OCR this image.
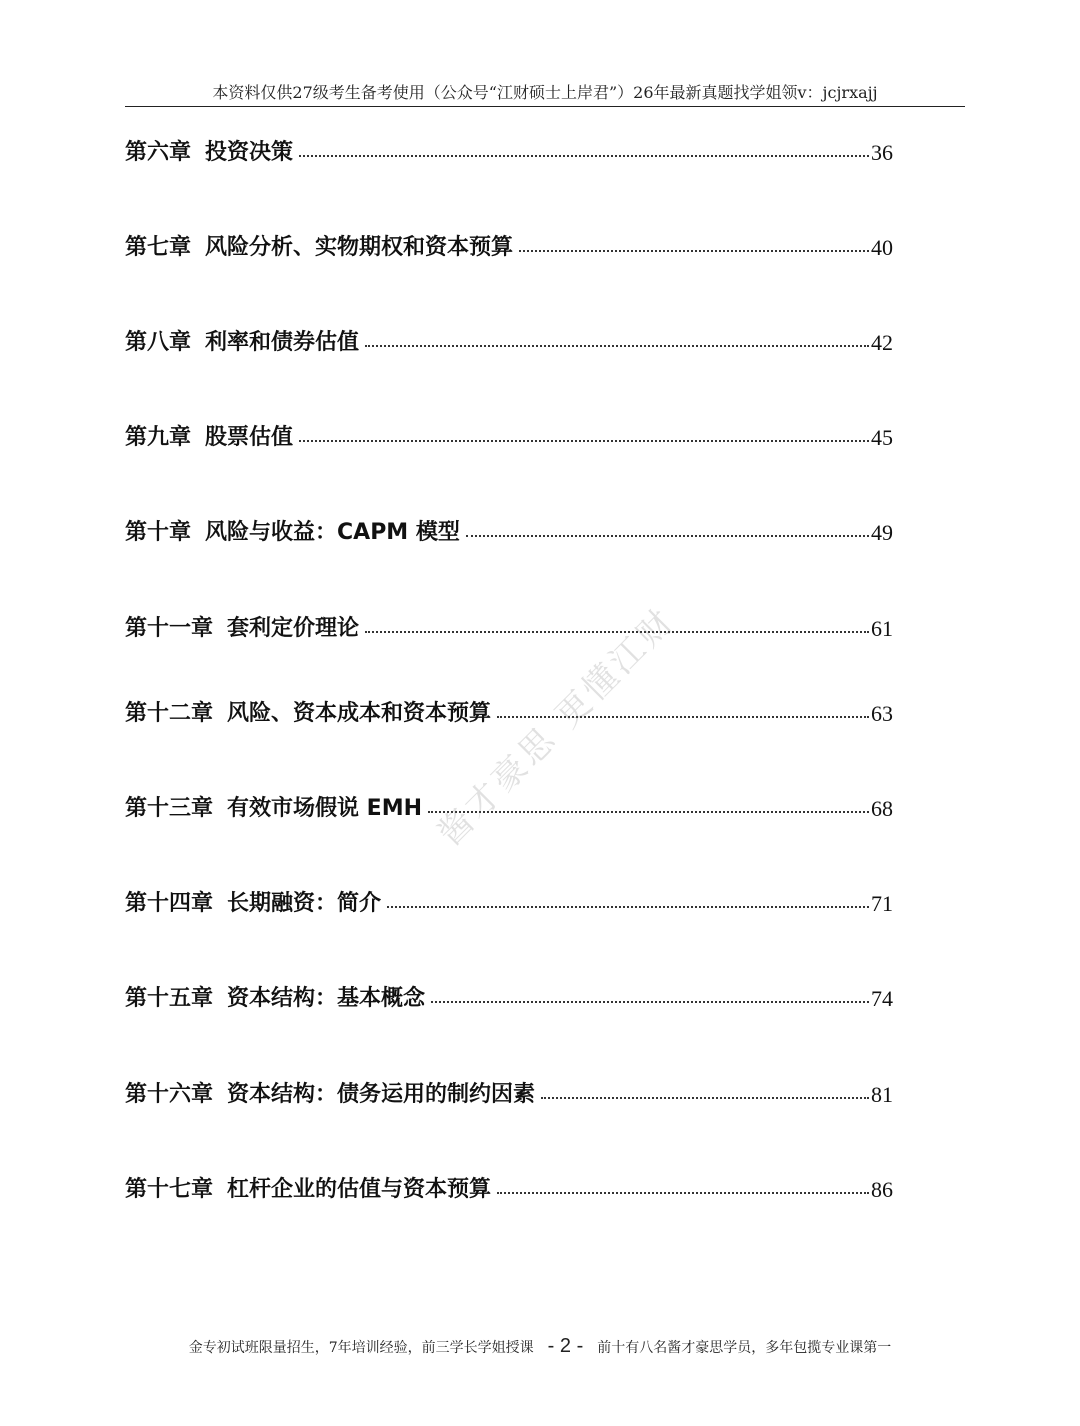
本资料仅供27级考生备考使用（公众号“江财硕士上岸君”）26年最新真题找学姐领v：jcjrxajj
第六章 投资决策	36
第七章 风险分析、实物期权和资本预算	40
第八章 利率和债券估值	42
第九章 股票估值	45
第十章 风险与收益：CAPM 模型	49
第十一章 套利定价理论	61
第十二章 风险、资本成本和资本预算	63
第十三章 有效市场假说 EMH	68
第十四章 长期融资：简介	71
第十五章 资本结构：基本概念	74
第十六章 资本结构：债务运用的制约因素	81
第十七章 杠杆企业的估值与资本预算	86
酱才豪思 更懂江财
金专初试班限量招生，7年培训经验，前三学长学姐授课 - 2 - 前十有八名酱才豪思学员，多年包揽专业课第一
